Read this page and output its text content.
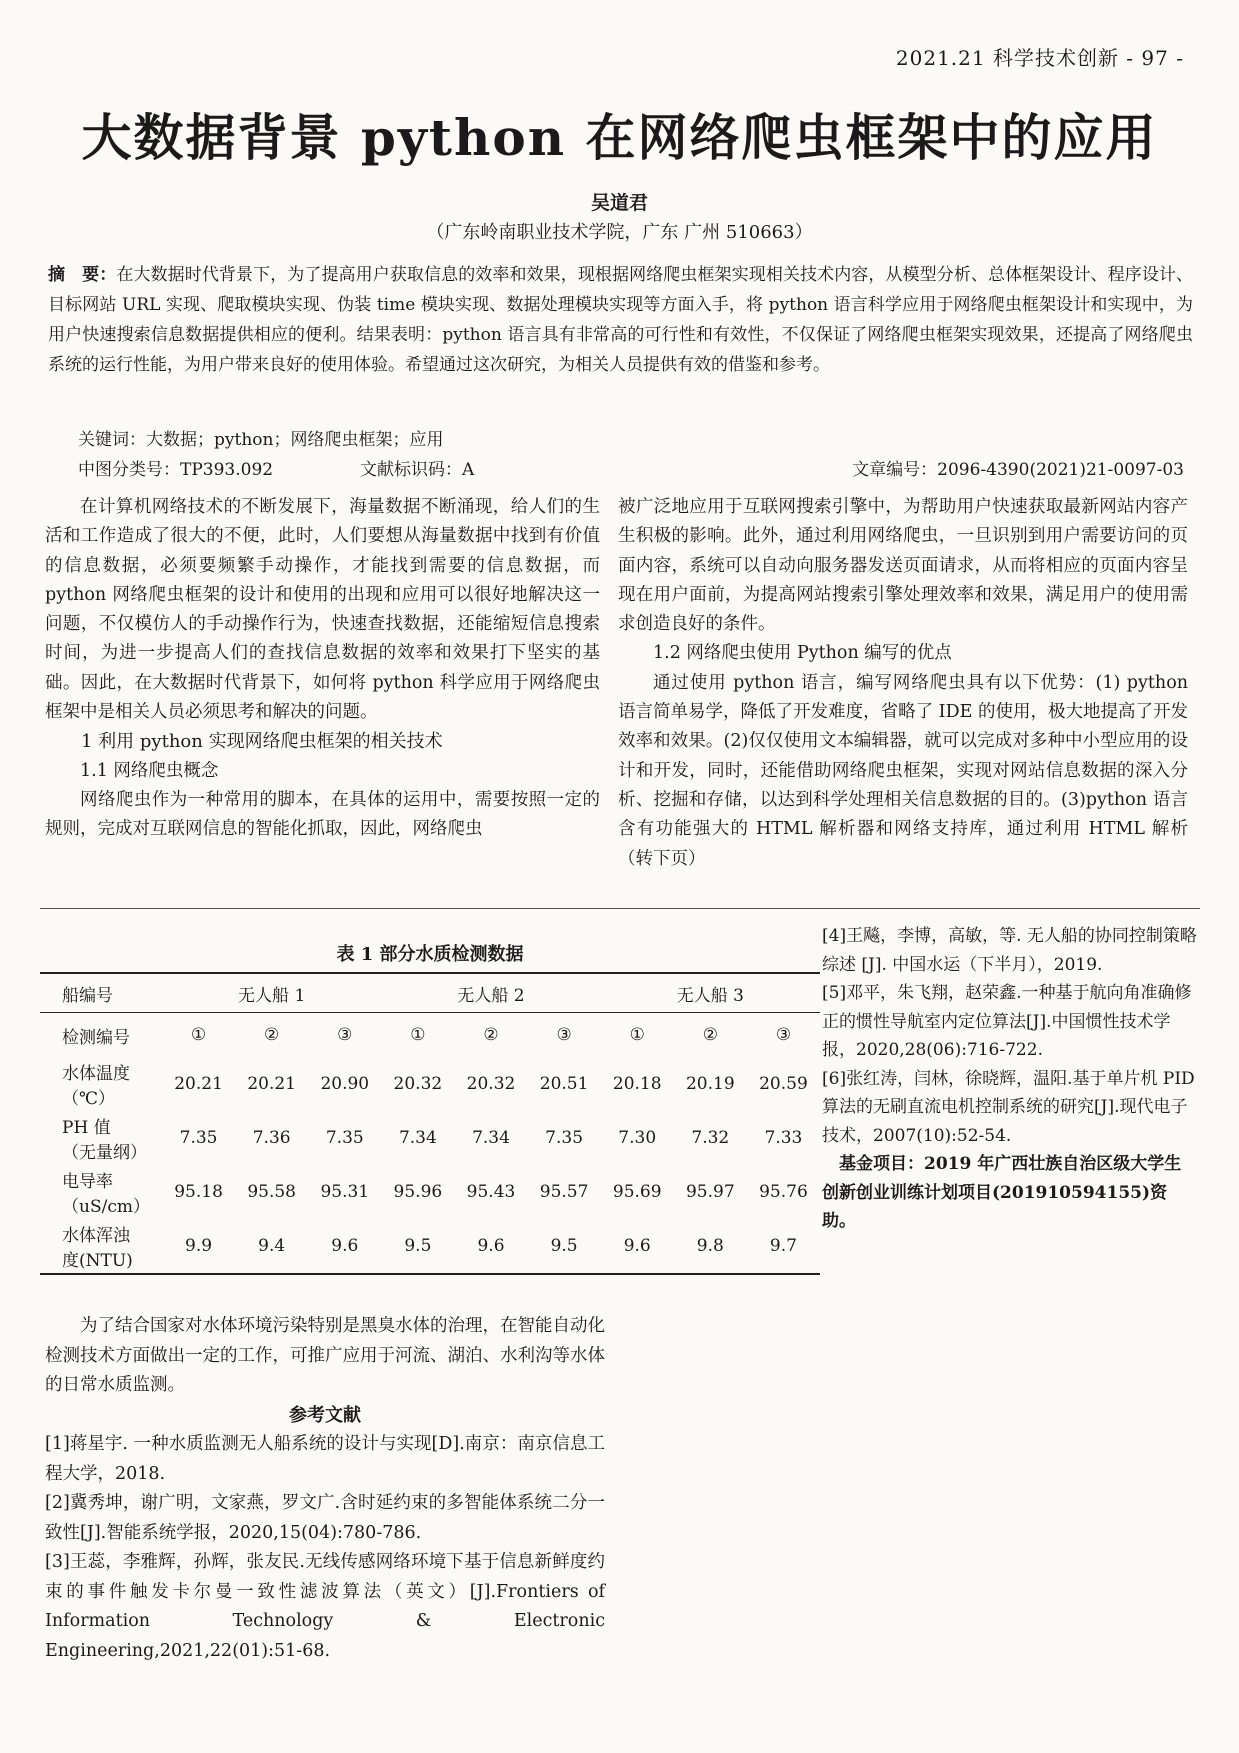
2021.21 科学技术创新 - 97 -
大数据背景 python 在网络爬虫框架中的应用
吴道君
（广东岭南职业技术学院，广东 广州 510663）
摘　要：在大数据时代背景下，为了提高用户获取信息的效率和效果，现根据网络爬虫框架实现相关技术内容，从模型分析、总体框架设计、程序设计、目标网站 URL 实现、爬取模块实现、伪装 time 模块实现、数据处理模块实现等方面入手，将 python 语言科学应用于网络爬虫框架设计和实现中，为用户快速搜索信息数据提供相应的便利。结果表明：python 语言具有非常高的可行性和有效性，不仅保证了网络爬虫框架实现效果，还提高了网络爬虫系统的运行性能，为用户带来良好的使用体验。希望通过这次研究，为相关人员提供有效的借鉴和参考。
关键词：大数据；python；网络爬虫框架；应用
中图分类号：TP393.092	文献标识码：A	文章编号：2096-4390(2021)21-0097-03

在计算机网络技术的不断发展下，海量数据不断涌现，给人们的生活和工作造成了很大的不便，此时，人们要想从海量数据中找到有价值的信息数据，必须要频繁手动操作，才能找到需要的信息数据，而 python 网络爬虫框架的设计和使用的出现和应用可以很好地解决这一问题，不仅模仿人的手动操作行为，快速查找数据，还能缩短信息搜索时间，为进一步提高人们的查找信息数据的效率和效果打下坚实的基础。因此，在大数据时代背景下，如何将 python 科学应用于网络爬虫框架中是相关人员必须思考和解决的问题。

1 利用 python 实现网络爬虫框架的相关技术
1.1 网络爬虫概念

网络爬虫作为一种常用的脚本，在具体的运用中，需要按照一定的规则，完成对互联网信息的智能化抓取，因此，网络爬虫

被广泛地应用于互联网搜索引擎中，为帮助用户快速获取最新网站内容产生积极的影响。此外，通过利用网络爬虫，一旦识别到用户需要访问的页面内容，系统可以自动向服务器发送页面请求，从而将相应的页面内容呈现在用户面前，为提高网站搜索引擎处理效率和效果，满足用户的使用需求创造良好的条件。

1.2 网络爬虫使用 Python 编写的优点

通过使用 python 语言，编写网络爬虫具有以下优势：(1) python 语言简单易学，降低了开发难度，省略了 IDE 的使用，极大地提高了开发效率和效果。(2)仅仅使用文本编辑器，就可以完成对多种中小型应用的设计和开发，同时，还能借助网络爬虫框架，实现对网站信息数据的深入分析、挖掘和存储，以达到科学处理相关信息数据的目的。(3)python 语言含有功能强大的 HTML 解析器和网络支持库，通过利用 HTML 解析　（转下页）

表 1 部分水质检测数据
船编号	无人船 1			无人船 2			无人船 3		
检测编号	①	②	③	①	②	③	①	②	③
水体温度
（℃）	20.21	20.21	20.90	20.32	20.32	20.51	20.18	20.19	20.59
PH 值
（无量纲）	7.35	7.36	7.35	7.34	7.34	7.35	7.30	7.32	7.33
电导率
（uS/cm）	95.18	95.58	95.31	95.96	95.43	95.57	95.69	95.97	95.76
水体浑浊
度(NTU)	9.9	9.4	9.6	9.5	9.6	9.5	9.6	9.8	9.7

[4]王飚，李博，高敏，等. 无人船的协同控制策略综述 [J]. 中国水运（下半月），2019.

[5]邓平，朱飞翔，赵荣鑫.一种基于航向角准确修正的惯性导航室内定位算法[J].中国惯性技术学报，2020,28(06):716-722.

[6]张红涛，闫林，徐晓辉，温阳.基于单片机 PID 算法的无刷直流电机控制系统的研究[J].现代电子技术，2007(10):52-54.

基金项目：2019 年广西壮族自治区级大学生创新创业训练计划项目(201910594155)资助。

为了结合国家对水体环境污染特别是黑臭水体的治理，在智能自动化检测技术方面做出一定的工作，可推广应用于河流、湖泊、水利沟等水体的日常水质监测。

参考文献

[1]蒋星宇. 一种水质监测无人船系统的设计与实现[D].南京：南京信息工程大学，2018.

[2]冀秀坤，谢广明，文家燕，罗文广.含时延约束的多智能体系统二分一致性[J].智能系统学报，2020,15(04):780-786.

[3]王蕊，李雅辉，孙辉，张友民.无线传感网络环境下基于信息新鲜度约束的事件触发卡尔曼一致性滤波算法（英文）[J].Frontiers of Information Technology & Electronic Engineering,2021,22(01):51-68.
